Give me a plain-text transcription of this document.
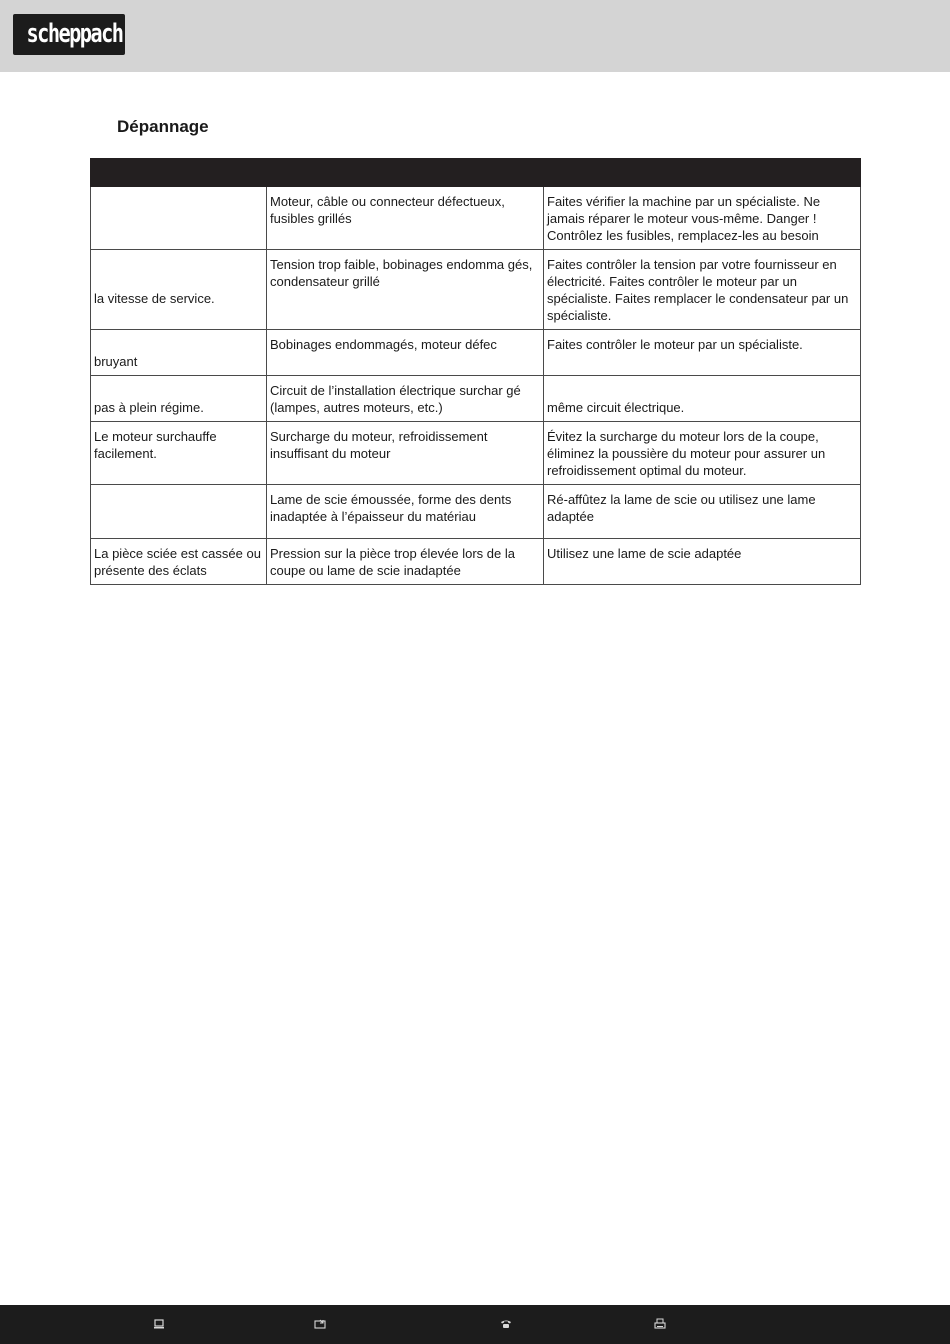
scheppach
Dépannage

	Moteur, câble ou connecteur défectueux, fusibles grillés	Faites vérifier la machine par un spécialiste. Ne jamais réparer le moteur vous-même. Danger ! Contrôlez les fusibles, remplacez-les au besoin
la vitesse de service.	Tension trop faible, bobinages endomma gés, condensateur grillé	Faites contrôler la tension par votre fournisseur en électricité. Faites contrôler le moteur par un spécialiste. Faites remplacer le condensateur par un spécialiste.
bruyant	Bobinages endommagés, moteur défec	Faites contrôler le moteur par un spécialiste.
pas à plein régime.	Circuit de l’installation électrique surchar gé (lampes, autres moteurs, etc.)	même circuit électrique.
Le moteur surchauffe facilement.	Surcharge du moteur, refroidissement insuffisant du moteur	Évitez la surcharge du moteur lors de la coupe, éliminez la poussière du moteur pour assurer un refroidissement optimal du moteur.
	Lame de scie émoussée, forme des dents inadaptée à l’épaisseur du matériau	Ré-affûtez la lame de scie ou utilisez une lame adaptée
La pièce sciée est cassée ou présente des éclats	Pression sur la pièce trop élevée lors de la coupe ou lame de scie inadaptée	Utilisez une lame de scie adaptée
